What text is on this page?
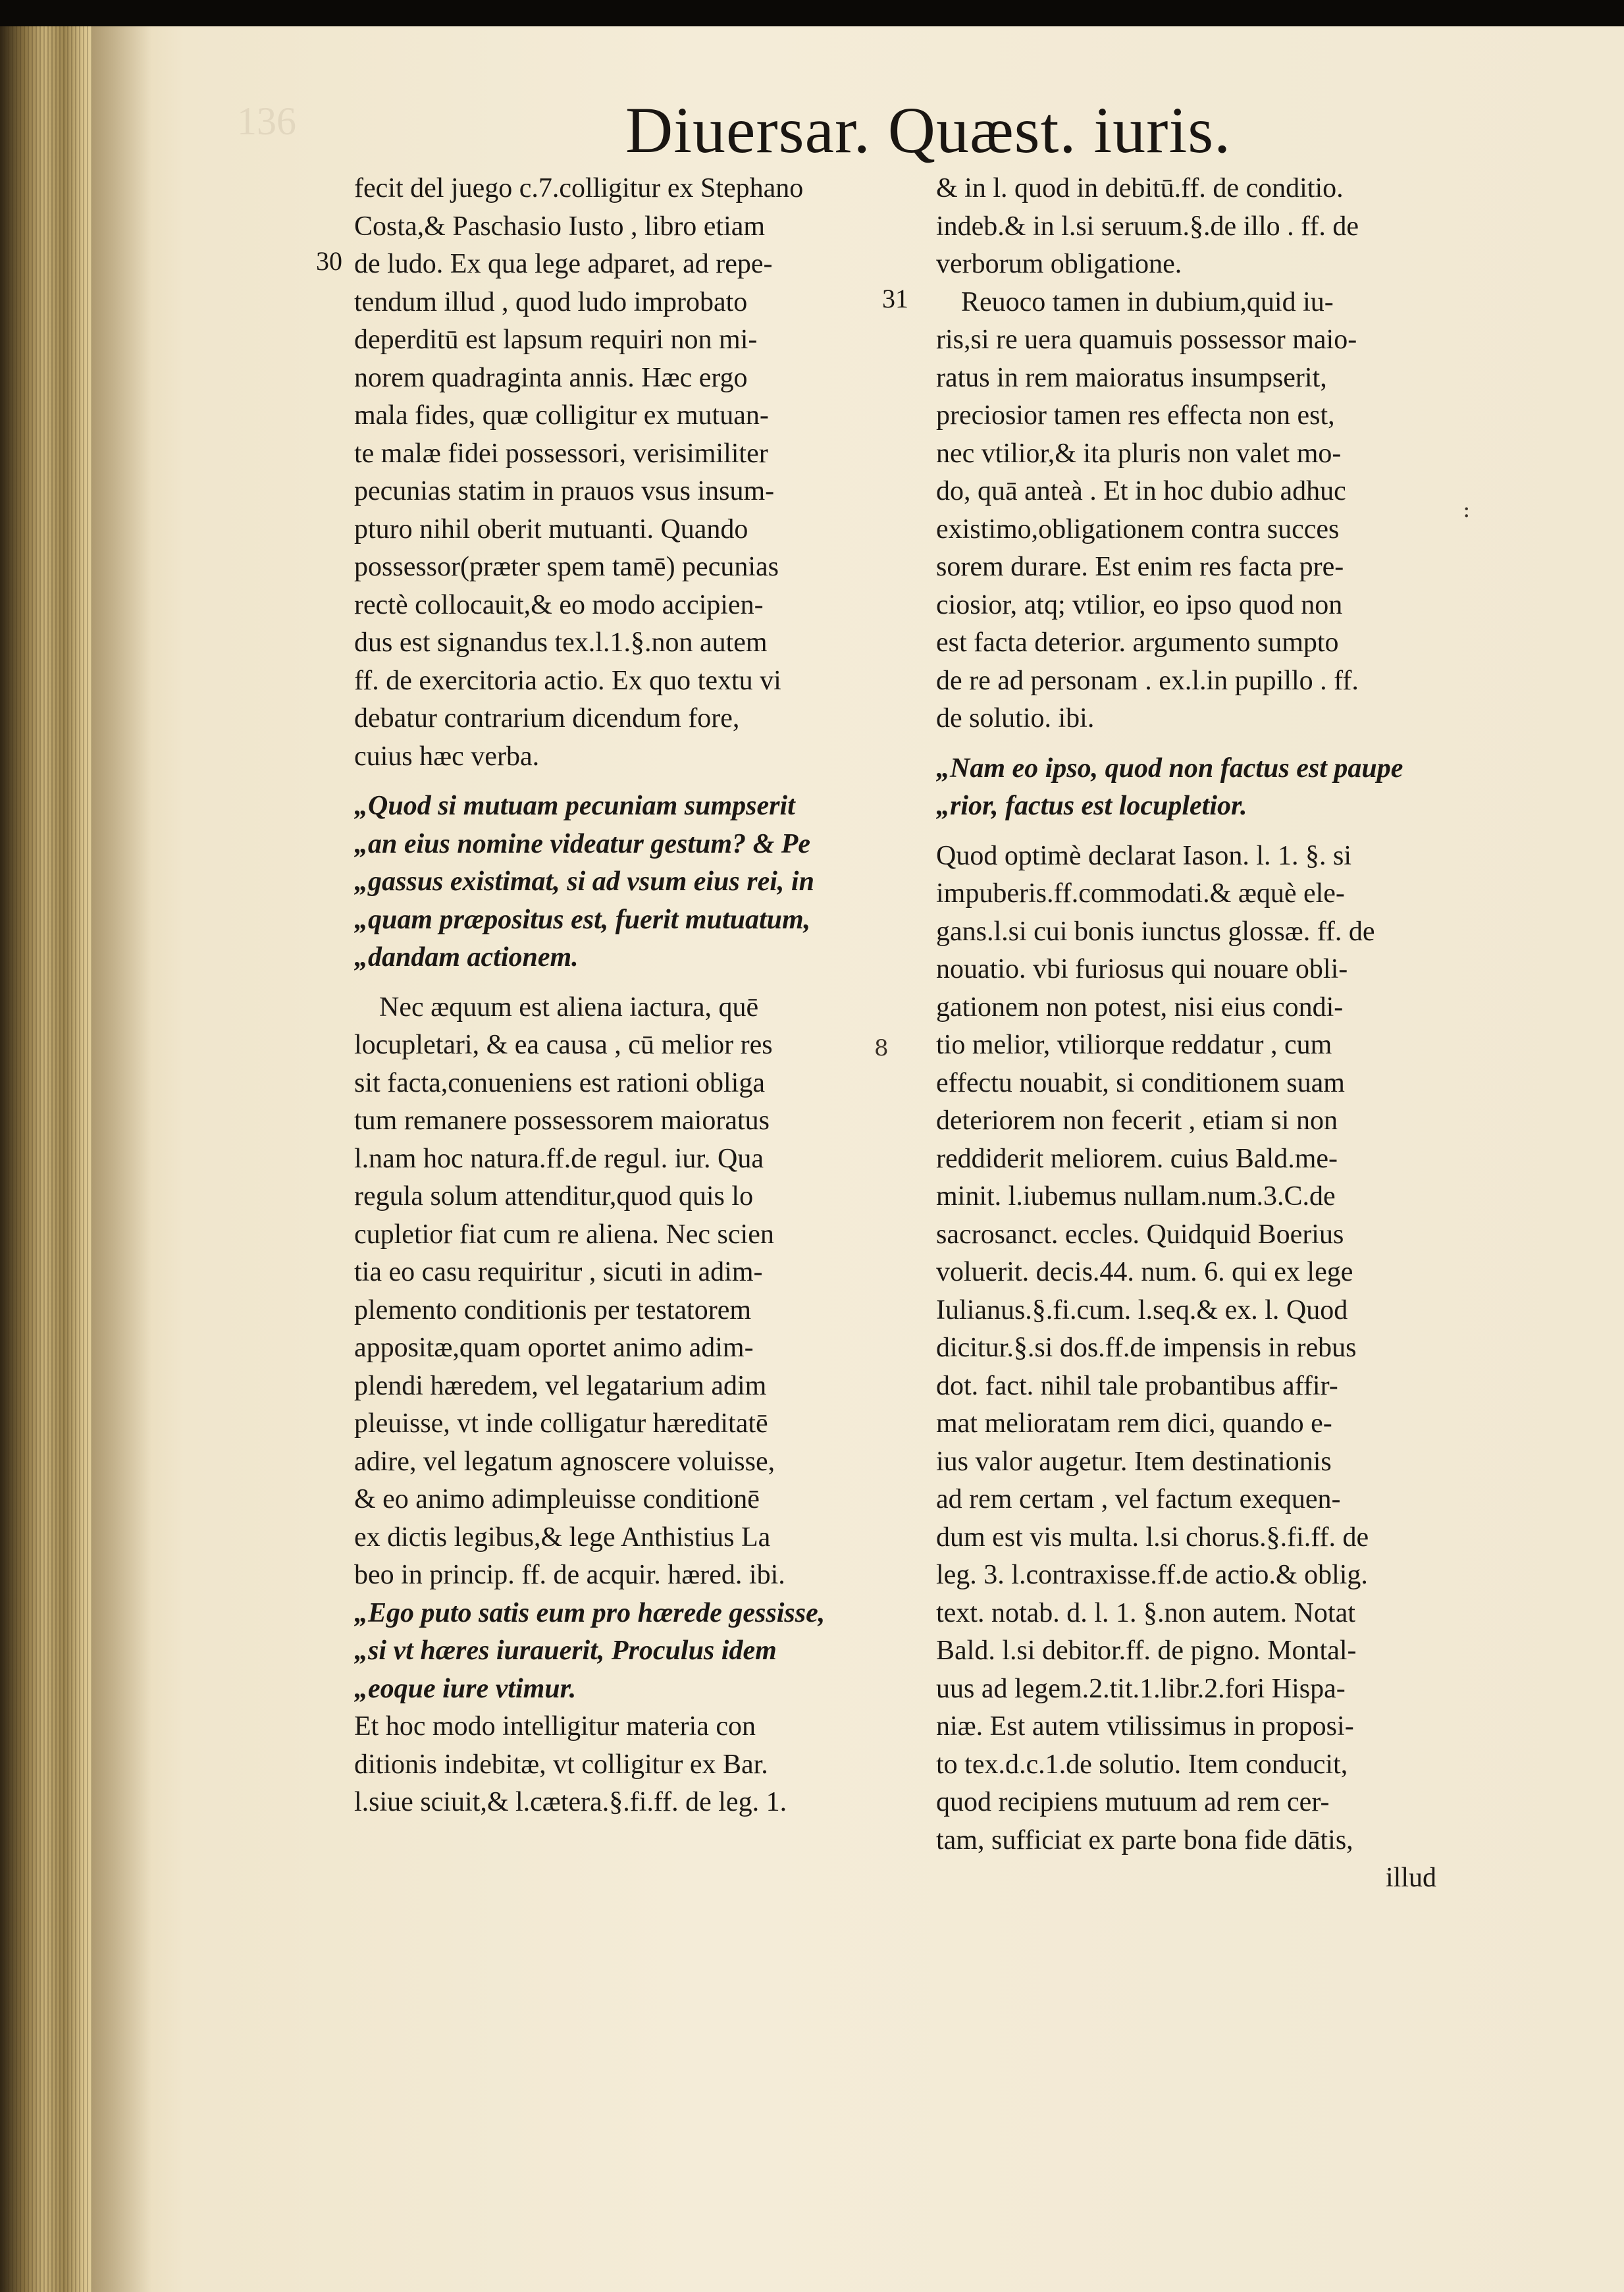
136	Diuersar. Quæst. iuris.
30
31
:
8
fecit del juego c.7.colligitur ex Stephano
Costa,& Paschasio Iusto , libro etiam
de ludo. Ex qua lege adparet, ad repe-
tendum illud , quod ludo improbato
deperditū est lapsum requiri non mi-
norem quadraginta annis. Hæc ergo
mala fides, quæ colligitur ex mutuan-
te malæ fidei possessori, verisimiliter
pecunias statim in prauos vsus insum-
pturo nihil oberit mutuanti. Quando
possessor(præter spem tamē) pecunias
rectè collocauit,& eo modo accipien-
dus est signandus tex.l.1.§.non autem
ff. de exercitoria actio. Ex quo textu vi
debatur contrarium dicendum fore,
cuius hæc verba.
„Quod si mutuam pecuniam sumpserit
„an eius nomine videatur gestum? & Pe
„gassus existimat, si ad vsum eius rei, in
„quam præpositus est, fuerit mutuatum,
„dandam actionem.
Nec æquum est aliena iactura, quē
locupletari, & ea causa , cū melior res
sit facta,conueniens est rationi obliga
tum remanere possessorem maioratus
l.nam hoc natura.ff.de regul. iur. Qua
regula solum attenditur,quod quis lo
cupletior fiat cum re aliena. Nec scien
tia eo casu requiritur , sicuti in adim-
plemento conditionis per testatorem
appositæ,quam oportet animo adim-
plendi hæredem, vel legatarium adim
pleuisse, vt inde colligatur hæreditatē
adire, vel legatum agnoscere voluisse,
& eo animo adimpleuisse conditionē
ex dictis legibus,& lege Anthistius La
beo in princip. ff. de acquir. hæred. ibi.
„Ego puto satis eum pro hærede gessisse,
„si vt hæres iurauerit, Proculus idem
„eoque iure vtimur.
Et hoc modo intelligitur materia con
ditionis indebitæ, vt colligitur ex Bar.
l.siue sciuit,& l.cætera.§.fi.ff. de leg. 1.
& in l. quod in debitū.ff. de conditio.
indeb.& in l.si seruum.§.de illo . ff. de
verborum obligatione.
Reuoco tamen in dubium,quid iu-
ris,si re uera quamuis possessor maio-
ratus in rem maioratus insumpserit,
preciosior tamen res effecta non est,
nec vtilior,& ita pluris non valet mo-
do, quā anteà . Et in hoc dubio adhuc
existimo,obligationem contra succes
sorem durare. Est enim res facta pre-
ciosior, atq; vtilior, eo ipso quod non
est facta deterior. argumento sumpto
de re ad personam . ex.l.in pupillo . ff.
de solutio. ibi.
„Nam eo ipso, quod non factus est paupe
„rior, factus est locupletior.
Quod optimè declarat Iason. l. 1. §. si
impuberis.ff.commodati.& æquè ele-
gans.l.si cui bonis iunctus glossæ. ff. de
nouatio. vbi furiosus qui nouare obli-
gationem non potest, nisi eius condi-
tio melior, vtiliorque reddatur , cum
effectu nouabit, si conditionem suam
deteriorem non fecerit , etiam si non
reddiderit meliorem. cuius Bald.me-
minit. l.iubemus nullam.num.3.C.de
sacrosanct. eccles. Quidquid Boerius
voluerit. decis.44. num. 6. qui ex lege
Iulianus.§.fi.cum. l.seq.& ex. l. Quod
dicitur.§.si dos.ff.de impensis in rebus
dot. fact. nihil tale probantibus affir-
mat melioratam rem dici, quando e-
ius valor augetur. Item destinationis
ad rem certam , vel factum exequen-
dum est vis multa. l.si chorus.§.fi.ff. de
leg. 3. l.contraxisse.ff.de actio.& oblig.
text. notab. d. l. 1. §.non autem. Notat
Bald. l.si debitor.ff. de pigno. Montal-
uus ad legem.2.tit.1.libr.2.fori Hispa-
niæ. Est autem vtilissimus in proposi-
to tex.d.c.1.de solutio. Item conducit,
quod recipiens mutuum ad rem cer-
tam, sufficiat ex parte bona fide dātis,
illud
